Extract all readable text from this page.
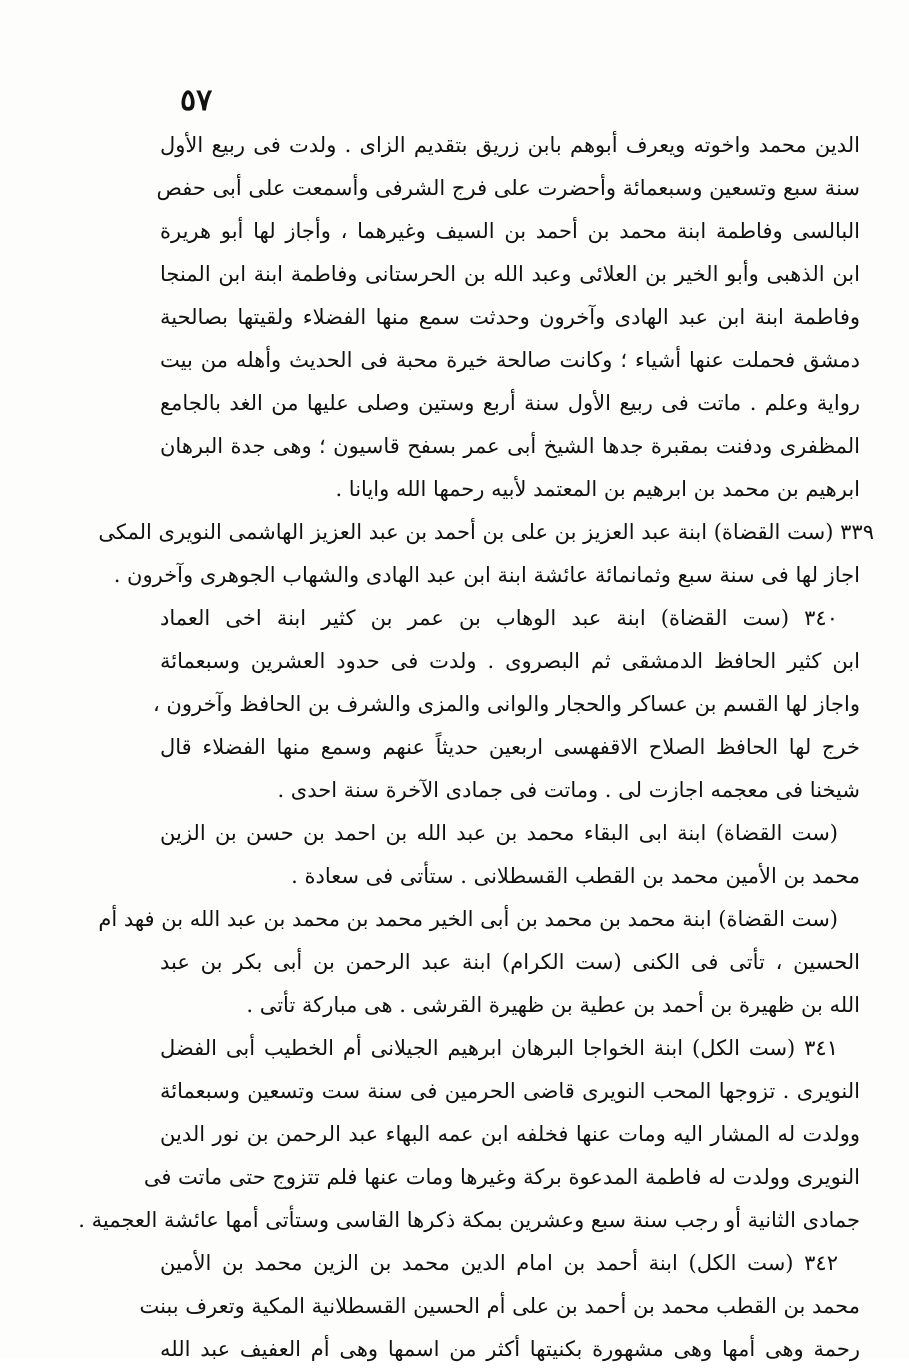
٥٧
الدين محمد واخوته ويعرف أبوهم بابن زريق بتقديم الزاى . ولدت فى ربيع الأول
سنة سبع وتسعين وسبعمائة وأحضرت على فرج الشرفى وأسمعت على أبى حفص
البالسى وفاطمة ابنة محمد بن أحمد بن السيف وغيرهما ، وأجاز لها أبو هريرة
ابن الذهبى وأبو الخير بن العلائى وعبد الله بن الحرستانى وفاطمة ابنة ابن المنجا
وفاطمة ابنة ابن عبد الهادى وآخرون وحدثت سمع منها الفضلاء ولقيتها بصالحية
دمشق فحملت عنها أشياء ؛ وكانت صالحة خيرة محبة فى الحديث وأهله من بيت
رواية وعلم . ماتت فى ربيع الأول سنة أربع وستين وصلى عليها من الغد بالجامع
المظفرى ودفنت بمقبرة جدها الشيخ أبى عمر بسفح قاسيون ؛ وهى جدة البرهان
ابرهيم بن محمد بن ابرهيم بن المعتمد لأبيه رحمها الله وايانا .
٣٣٩ (ست القضاة) ابنة عبد العزيز بن على بن أحمد بن عبد العزيز الهاشمى النويرى المكى
اجاز لها فى سنة سبع وثمانمائة عائشة ابنة ابن عبد الهادى والشهاب الجوهرى وآخرون .
٣٤٠ (ست القضاة) ابنة عبد الوهاب بن عمر بن كثير ابنة اخى العماد
ابن كثير الحافظ الدمشقى ثم البصروى . ولدت فى حدود العشرين وسبعمائة
واجاز لها القسم بن عساكر والحجار والوانى والمزى والشرف بن الحافظ وآخرون ،
خرج لها الحافظ الصلاح الاقفهسى اربعين حديثاً عنهم وسمع منها الفضلاء قال
شيخنا فى معجمه اجازت لى . وماتت فى جمادى الآخرة سنة احدى .
(ست القضاة) ابنة ابى البقاء محمد بن عبد الله بن احمد بن حسن بن الزين
محمد بن الأمين محمد بن القطب القسطلانى . ستأتى فى سعادة .
(ست القضاة) ابنة محمد بن محمد بن أبى الخير محمد بن محمد بن عبد الله بن فهد أم
الحسين ، تأتى فى الكنى (ست الكرام) ابنة عبد الرحمن بن أبى بكر بن عبد
الله بن ظهيرة بن أحمد بن عطية بن ظهيرة القرشى . هى مباركة تأتى .
٣٤١ (ست الكل) ابنة الخواجا البرهان ابرهيم الجيلانى أم الخطيب أبى الفضل
النويرى . تزوجها المحب النويرى قاضى الحرمين فى سنة ست وتسعين وسبعمائة
وولدت له المشار اليه ومات عنها فخلفه ابن عمه البهاء عبد الرحمن بن نور الدين
النويرى وولدت له فاطمة المدعوة بركة وغيرها ومات عنها فلم تتزوج حتى ماتت فى
جمادى الثانية أو رجب سنة سبع وعشرين بمكة ذكرها القاسى وستأتى أمها عائشة العجمية .
٣٤٢ (ست الكل) ابنة أحمد بن امام الدين محمد بن الزين محمد بن الأمين
محمد بن القطب محمد بن أحمد بن على أم الحسين القسطلانية المكية وتعرف ببنت
رحمة وهى أمها وهى مشهورة بكنيتها أكثر من اسمها وهى أم العفيف عبد الله
